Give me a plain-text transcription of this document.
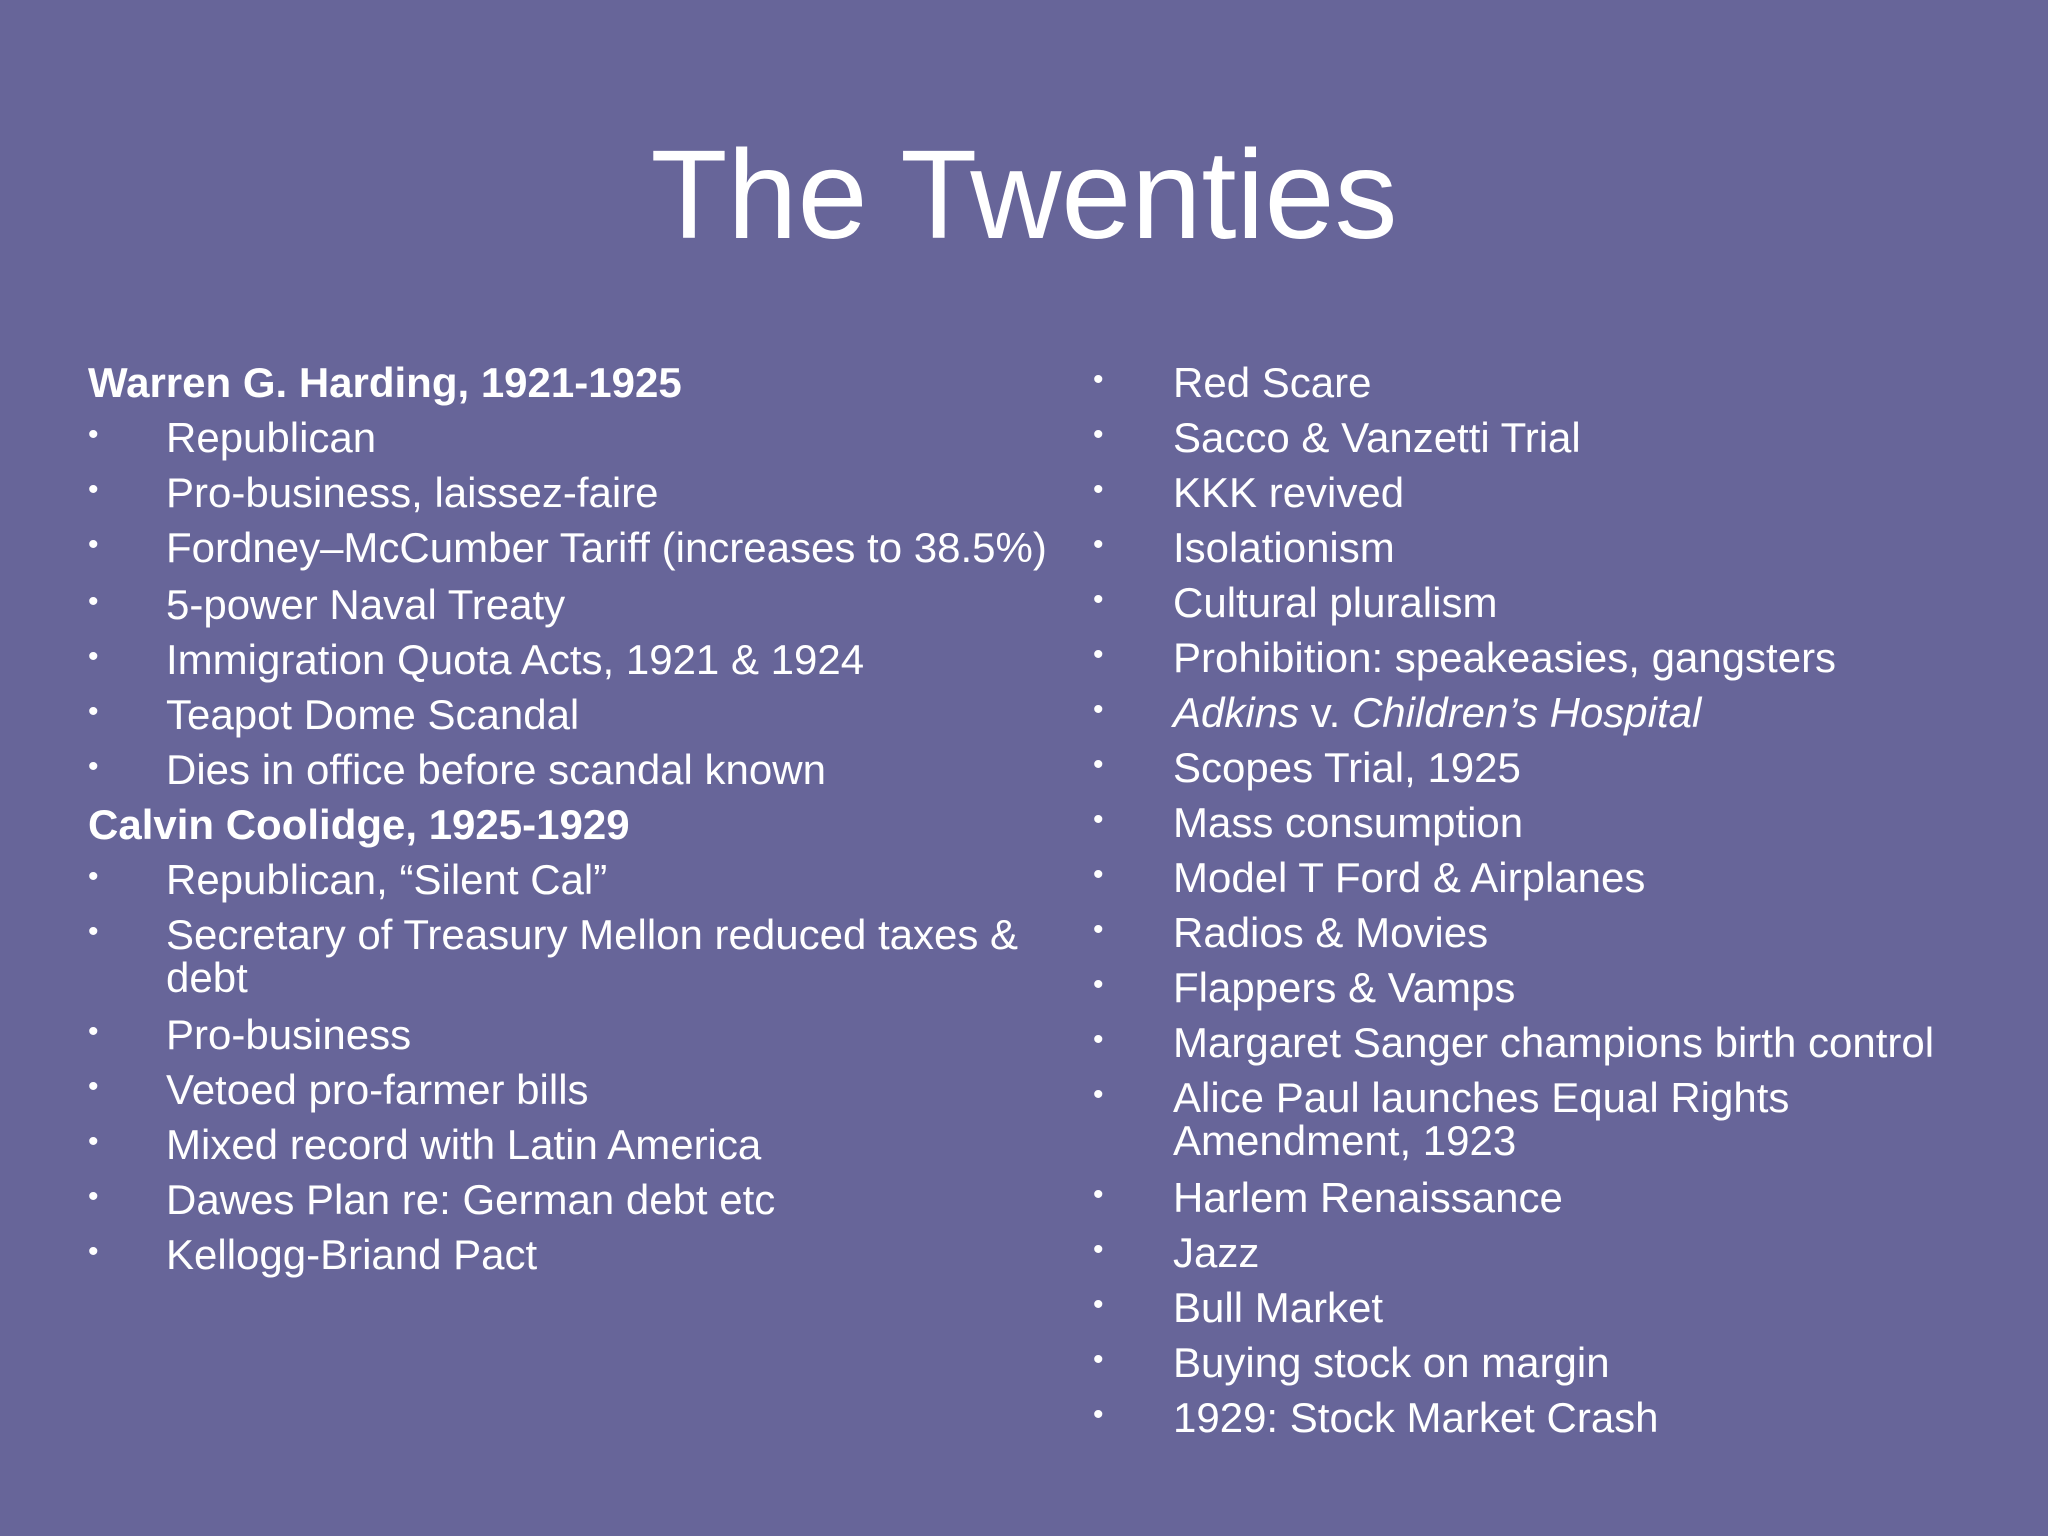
The Twenties
Warren G. Harding, 1921-1925
• Republican
• Pro-business, laissez-faire
• Fordney–McCumber Tariff (increases to 38.5%)
• 5-power Naval Treaty
• Immigration Quota Acts, 1921 & 1924
• Teapot Dome Scandal
• Dies in office before scandal known
Calvin Coolidge, 1925-1929
• Republican, “Silent Cal”
• Secretary of Treasury Mellon reduced taxes & debt
• Pro-business
• Vetoed pro-farmer bills
• Mixed record with Latin America
• Dawes Plan re: German debt etc
• Kellogg-Briand Pact
• Red Scare
• Sacco & Vanzetti Trial
• KKK revived
• Isolationism
• Cultural pluralism
• Prohibition: speakeasies, gangsters
• Adkins v. Children’s Hospital
• Scopes Trial, 1925
• Mass consumption
• Model T Ford & Airplanes
• Radios & Movies
• Flappers & Vamps
• Margaret Sanger champions birth control
• Alice Paul launches Equal Rights Amendment, 1923
• Harlem Renaissance
• Jazz
• Bull Market
• Buying stock on margin
• 1929: Stock Market Crash
